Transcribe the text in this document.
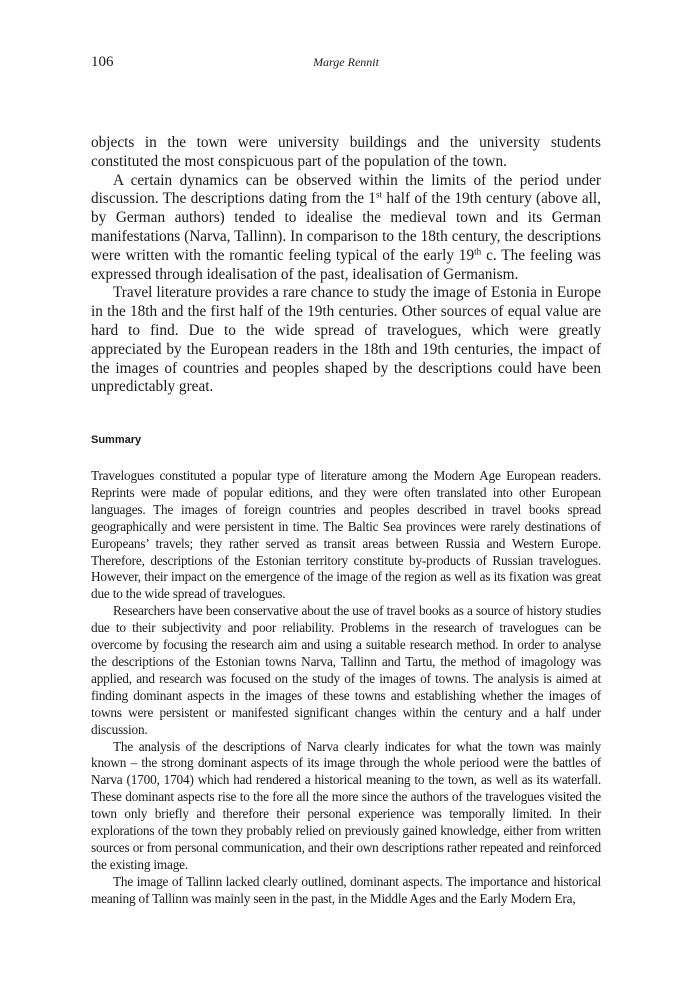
106	Marge Rennit

objects in the town were university buildings and the university students constituted the most conspicuous part of the population of the town.

A certain dynamics can be observed within the limits of the period under discussion. The descriptions dating from the 1st half of the 19th century (above all, by German authors) tended to idealise the medieval town and its German manifestations (Narva, Tallinn). In comparison to the 18th century, the descriptions were written with the romantic feeling typical of the early 19th c. The feeling was expressed through idealisation of the past, idealisation of Germanism.

Travel literature provides a rare chance to study the image of Estonia in Europe in the 18th and the first half of the 19th centuries. Other sources of equal value are hard to find. Due to the wide spread of travelogues, which were greatly appreciated by the European readers in the 18th and 19th centuries, the impact of the images of countries and peoples shaped by the descriptions could have been unpredictably great.

Summary

Travelogues constituted a popular type of literature among the Modern Age European readers. Reprints were made of popular editions, and they were often translated into other European languages. The images of foreign countries and peoples described in travel books spread geographically and were persistent in time. The Baltic Sea provinces were rarely destinations of Europeans’ travels; they rather served as transit areas between Russia and Western Europe. Therefore, descriptions of the Estonian territory constitute by-products of Russian travelogues. However, their impact on the emergence of the image of the region as well as its fixation was great due to the wide spread of travelogues.

Researchers have been conservative about the use of travel books as a source of history studies due to their subjectivity and poor reliability. Problems in the research of travelogues can be overcome by focusing the research aim and using a suitable research method. In order to analyse the descriptions of the Estonian towns Narva, Tallinn and Tartu, the method of imagology was applied, and research was focused on the study of the images of towns. The analysis is aimed at finding dominant aspects in the images of these towns and establishing whether the images of towns were persistent or manifested significant changes within the century and a half under discussion.

The analysis of the descriptions of Narva clearly indicates for what the town was mainly known – the strong dominant aspects of its image through the whole periood were the battles of Narva (1700, 1704) which had rendered a historical meaning to the town, as well as its waterfall. These dominant aspects rise to the fore all the more since the authors of the travelogues visited the town only briefly and therefore their personal experience was temporally limited. In their explorations of the town they probably relied on previously gained knowledge, either from written sources or from personal communication, and their own descriptions rather repeated and reinforced the existing image.

The image of Tallinn lacked clearly outlined, dominant aspects. The importance and historical meaning of Tallinn was mainly seen in the past, in the Middle Ages and the Early Modern Era,
